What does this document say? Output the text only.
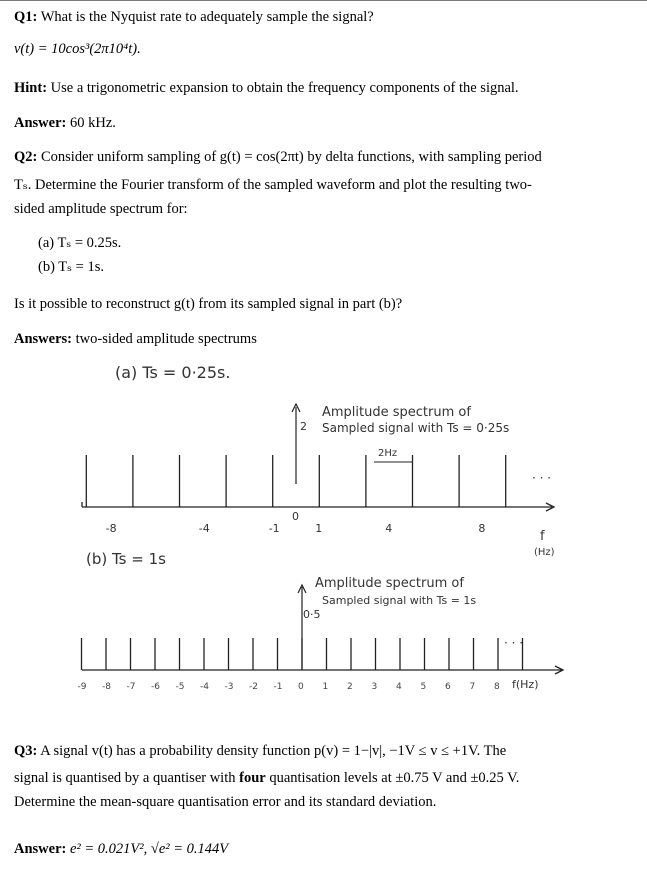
Q1: What is the Nyquist rate to adequately sample the signal?
v(t) = 10cos³(2π10⁴t).
Hint: Use a trigonometric expansion to obtain the frequency components of the signal.
Answer: 60 kHz.
Q2: Consider uniform sampling of g(t) = cos(2πt) by delta functions, with sampling period
Tₛ. Determine the Fourier transform of the sampled waveform and plot the resulting two-
sided amplitude spectrum for:
(a) Tₛ = 0.25s.
(b) Tₛ = 1s.
Is it possible to reconstruct g(t) from its sampled signal in part (b)?
Answers: two-sided amplitude spectrums
(a) Ts = 0·25s.
Amplitude spectrum of
Sampled signal with Ts = 0·25s
2
2Hz
· · ·
-8	-4	-1
0
1	4	8
f
(Hz)
(b) Ts = 1s
Amplitude spectrum of
Sampled signal with Ts = 1s
0·5
· · ·
-9 -8 -7 -6 -5 -4 -3 -2 -1 0 1 2 3 4 5 6 7 8 f(Hz)
Q3: A signal v(t) has a probability density function p(v) = 1−|v|, −1V ≤ v ≤ +1V. The
signal is quantised by a quantiser with four quantisation levels at ±0.75 V and ±0.25 V.
Determine the mean-square quantisation error and its standard deviation.
Answer: e² = 0.021V², √e² = 0.144V
